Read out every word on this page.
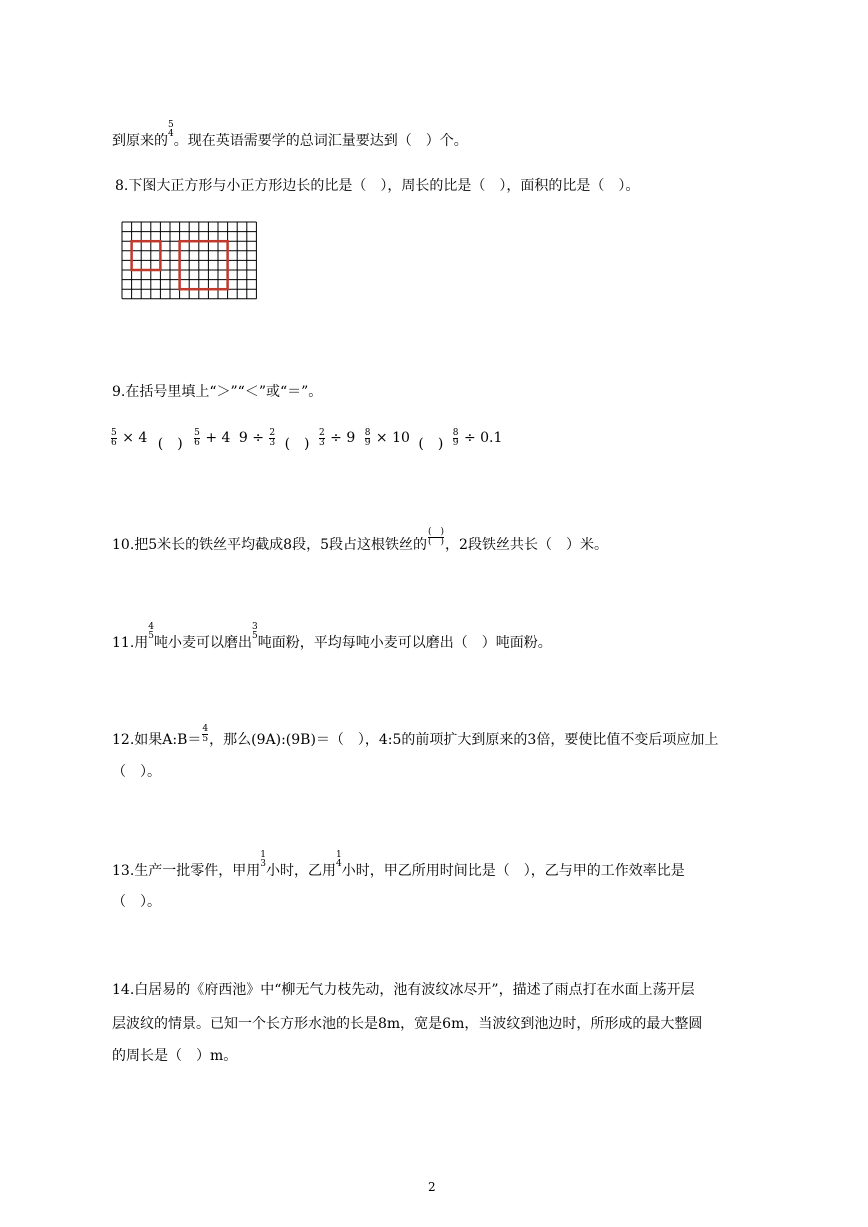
到原来的
5
4 。现在英语需要学的总词汇量要达到（　）个。
8.下图大正方形与小正方形边长的比是（　），周长的比是（　），面积的比是（　）。
9.在括号里填上“＞”“＜”或“＝”。
$\frac{5}{6} \times 4$ (　) $\frac{5}{6} + 4$ $9 \div \frac{2}{3}$ (　) $\frac{2}{3} \div 9 \frac{8}{9} \times 10$ (　) $\frac{8}{9} \div 0.1$
10.把5米长的铁丝平均截成8段，5段占这根铁丝的 $\frac{( )}{( )}$ ，2段铁丝共长（　）米。
11.用
4
5 吨小麦可以磨出
3
5 吨面粉，平均每吨小麦可以磨出（　）吨面粉。
12.如果A:B＝ $\frac{4}{5}$ ，那么(9A):(9B)＝（　），4:5的前项扩大到原来的3倍，要使比值不变后项应加上
（　）。
13.生产一批零件，甲用
1
3 小时，乙用
1
4 小时，甲乙所用时间比是（　），乙与甲的工作效率比是
（　）。
14.白居易的《府西池》中“柳无气力枝先动，池有波纹冰尽开”，描述了雨点打在水面上荡开层
层波纹的情景。已知一个长方形水池的长是8m，宽是6m，当波纹到池边时，所形成的最大整圆
的周长是（　）m。
2
